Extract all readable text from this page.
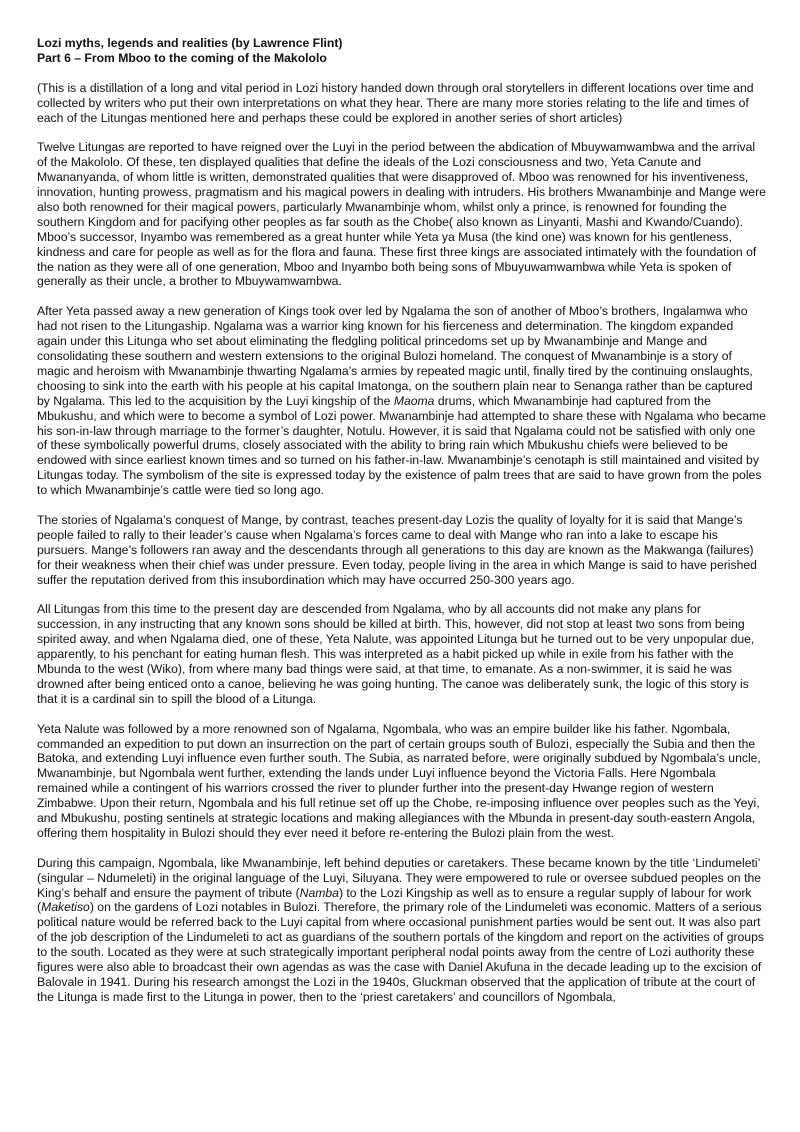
Lozi myths, legends and realities (by Lawrence Flint)

Part 6 – From Mboo to the coming of the Makololo

(This is a distillation of a long and vital period in Lozi history handed down through oral storytellers in different locations over time and collected by writers who put their own interpretations on what they hear. There are many more stories relating to the life and times of each of the Litungas mentioned here and perhaps these could be explored in another series of short articles)

Twelve Litungas are reported to have reigned over the Luyi in the period between the abdication of Mbuywamwambwa and the arrival of the Makololo. Of these, ten displayed qualities that define the ideals of the Lozi consciousness and two, Yeta Canute and Mwananyanda, of whom little is written, demonstrated qualities that were disapproved of. Mboo was renowned for his inventiveness, innovation, hunting prowess, pragmatism and his magical powers in dealing with intruders. His brothers Mwanambinje and Mange were also both renowned for their magical powers, particularly Mwanambinje whom, whilst only a prince, is renowned for founding the southern Kingdom and for pacifying other peoples as far south as the Chobe( also known as Linyanti, Mashi and Kwando/Cuando). Mboo’s successor, Inyambo was remembered as a great hunter while Yeta ya Musa (the kind one) was known for his gentleness, kindness and care for people as well as for the flora and fauna. These first three kings are associated intimately with the foundation of the nation as they were all of one generation, Mboo and Inyambo both being sons of Mbuyuwamwambwa while Yeta is spoken of generally as their uncle, a brother to Mbuywamwambwa.

After Yeta passed away a new generation of Kings took over led by Ngalama the son of another of Mboo’s brothers, Ingalamwa who had not risen to the Litungaship. Ngalama was a warrior king known for his fierceness and determination. The kingdom expanded again under this Litunga who set about eliminating the fledgling political princedoms set up by Mwanambinje and Mange and consolidating these southern and western extensions to the original Bulozi homeland. The conquest of Mwanambinje is a story of magic and heroism with Mwanambinje thwarting Ngalama’s armies by repeated magic until, finally tired by the continuing onslaughts, choosing to sink into the earth with his people at his capital Imatonga, on the southern plain near to Senanga rather than be captured by Ngalama. This led to the acquisition by the Luyi kingship of the Maoma drums, which Mwanambinje had captured from the Mbukushu, and which were to become a symbol of Lozi power. Mwanambinje had attempted to share these with Ngalama who became his son-in-law through marriage to the former’s daughter, Notulu. However, it is said that Ngalama could not be satisfied with only one of these symbolically powerful drums, closely associated with the ability to bring rain which Mbukushu chiefs were believed to be endowed with since earliest known times and so turned on his father-in-law. Mwanambinje’s cenotaph is still maintained and visited by Litungas today. The symbolism of the site is expressed today by the existence of palm trees that are said to have grown from the poles to which Mwanambinje’s cattle were tied so long ago.

The stories of Ngalama’s conquest of Mange, by contrast, teaches present-day Lozis the quality of loyalty for it is said that Mange’s people failed to rally to their leader’s cause when Ngalama’s forces came to deal with Mange who ran into a lake to escape his pursuers. Mange’s followers ran away and the descendants through all generations to this day are known as the Makwanga (failures) for their weakness when their chief was under pressure. Even today, people living in the area in which Mange is said to have perished suffer the reputation derived from this insubordination which may have occurred 250-300 years ago.

All Litungas from this time to the present day are descended from Ngalama, who by all accounts did not make any plans for succession, in any instructing that any known sons should be killed at birth. This, however, did not stop at least two sons from being spirited away, and when Ngalama died, one of these, Yeta Nalute, was appointed Litunga but he turned out to be very unpopular due, apparently, to his penchant for eating human flesh. This was interpreted as a habit picked up while in exile from his father with the Mbunda to the west (Wiko), from where many bad things were said, at that time, to emanate. As a non-swimmer, it is said he was drowned after being enticed onto a canoe, believing he was going hunting. The canoe was deliberately sunk, the logic of this story is that it is a cardinal sin to spill the blood of a Litunga.

Yeta Nalute was followed by a more renowned son of Ngalama, Ngombala, who was an empire builder like his father. Ngombala, commanded an expedition to put down an insurrection on the part of certain groups south of Bulozi, especially the Subia and then the Batoka, and extending Luyi influence even further south. The Subia, as narrated before, were originally subdued by Ngombala’s uncle, Mwanambinje, but Ngombala went further, extending the lands under Luyi influence beyond the Victoria Falls. Here Ngombala remained while a contingent of his warriors crossed the river to plunder further into the present-day Hwange region of western Zimbabwe. Upon their return, Ngombala and his full retinue set off up the Chobe, re-imposing influence over peoples such as the Yeyi, and Mbukushu, posting sentinels at strategic locations and making allegiances with the Mbunda in present-day south-eastern Angola, offering them hospitality in Bulozi should they ever need it before re-entering the Bulozi plain from the west.

During this campaign, Ngombala, like Mwanambinje, left behind deputies or caretakers. These became known by the title ‘Lindumeleti’ (singular – Ndumeleti) in the original language of the Luyi, Siluyana. They were empowered to rule or oversee subdued peoples on the King’s behalf and ensure the payment of tribute (Namba) to the Lozi Kingship as well as to ensure a regular supply of labour for work (Maketiso) on the gardens of Lozi notables in Bulozi. Therefore, the primary role of the Lindumeleti was economic. Matters of a serious political nature would be referred back to the Luyi capital from where occasional punishment parties would be sent out. It was also part of the job description of the Lindumeleti to act as guardians of the southern portals of the kingdom and report on the activities of groups to the south. Located as they were at such strategically important peripheral nodal points away from the centre of Lozi authority these figures were also able to broadcast their own agendas as was the case with Daniel Akufuna in the decade leading up to the excision of Balovale in 1941. During his research amongst the Lozi in the 1940s, Gluckman observed that the application of tribute at the court of the Litunga is made first to the Litunga in power, then to the ‘priest caretakers’ and councillors of Ngombala,
